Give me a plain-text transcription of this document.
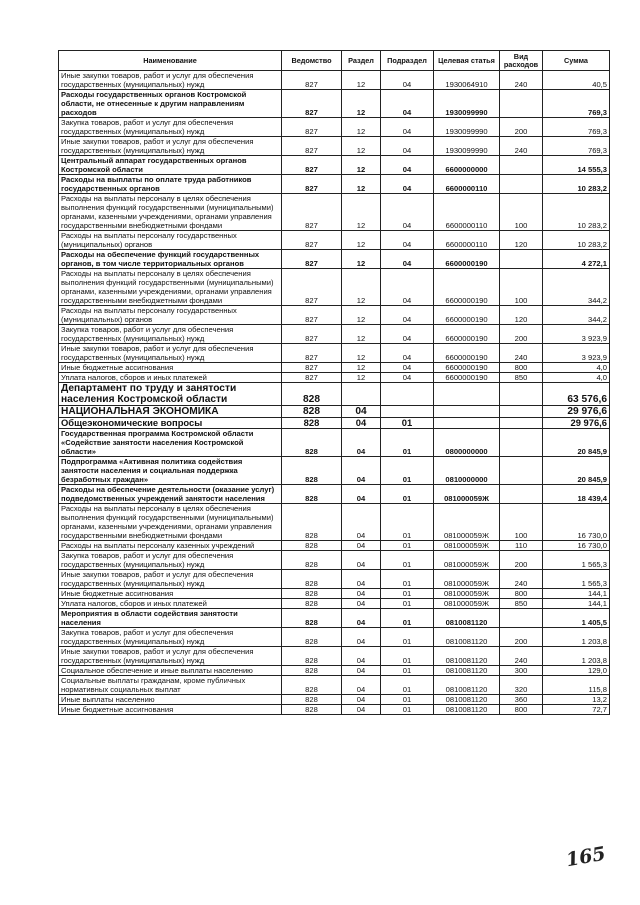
Наименование	Ведомство	Раздел	Подраздел	Целевая статья	Вид расходов	Сумма
Иные закупки товаров, работ и услуг для обеспечения государственных (муниципальных) нужд	827	12	04	1930064910	240	40,5
Расходы государственных органов Костромской области, не отнесенные к другим направлениям расходов	827	12	04	1930099990		769,3
Закупка товаров, работ и услуг для обеспечения государственных (муниципальных) нужд	827	12	04	1930099990	200	769,3
Иные закупки товаров, работ и услуг для обеспечения государственных (муниципальных) нужд	827	12	04	1930099990	240	769,3
Центральный аппарат государственных органов Костромской области	827	12	04	6600000000		14 555,3
Расходы на выплаты по оплате труда работников государственных органов	827	12	04	6600000110		10 283,2
Расходы на выплаты персоналу в целях обеспечения выполнения функций государственными (муниципальными) органами, казенными учреждениями, органами управления государственными внебюджетными фондами	827	12	04	6600000110	100	10 283,2
Расходы на выплаты персоналу государственных (муниципальных) органов	827	12	04	6600000110	120	10 283,2
Расходы на обеспечение функций государственных органов, в том числе территориальных органов	827	12	04	6600000190		4 272,1
Расходы на выплаты персоналу в целях обеспечения выполнения функций государственными (муниципальными) органами, казенными учреждениями, органами управления государственными внебюджетными фондами	827	12	04	6600000190	100	344,2
Расходы на выплаты персоналу государственных (муниципальных) органов	827	12	04	6600000190	120	344,2
Закупка товаров, работ и услуг для обеспечения государственных (муниципальных) нужд	827	12	04	6600000190	200	3 923,9
Иные закупки товаров, работ и услуг для обеспечения государственных (муниципальных) нужд	827	12	04	6600000190	240	3 923,9
Иные бюджетные ассигнования	827	12	04	6600000190	800	4,0
Уплата налогов, сборов и иных платежей	827	12	04	6600000190	850	4,0
Департамент по труду и занятости населения Костромской области	828					63 576,6
НАЦИОНАЛЬНАЯ ЭКОНОМИКА	828	04				29 976,6
Общеэкономические вопросы	828	04	01			29 976,6
Государственная программа Костромской области «Содействие занятости населения Костромской области»	828	04	01	0800000000		20 845,9
Подпрограмма «Активная политика содействия занятости населения и социальная поддержка безработных граждан»	828	04	01	0810000000		20 845,9
Расходы на обеспечение деятельности (оказание услуг) подведомственных учреждений занятости населения	828	04	01	081000059Ж		18 439,4
Расходы на выплаты персоналу в целях обеспечения выполнения функций государственными (муниципальными) органами, казенными учреждениями, органами управления государственными внебюджетными фондами	828	04	01	081000059Ж	100	16 730,0
Расходы на выплаты персоналу казенных учреждений	828	04	01	081000059Ж	110	16 730,0
Закупка товаров, работ и услуг для обеспечения государственных (муниципальных) нужд	828	04	01	081000059Ж	200	1 565,3
Иные закупки товаров, работ и услуг для обеспечения государственных (муниципальных) нужд	828	04	01	081000059Ж	240	1 565,3
Иные бюджетные ассигнования	828	04	01	081000059Ж	800	144,1
Уплата налогов, сборов и иных платежей	828	04	01	081000059Ж	850	144,1
Мероприятия в области содействия занятости населения	828	04	01	0810081120		1 405,5
Закупка товаров, работ и услуг для обеспечения государственных (муниципальных) нужд	828	04	01	0810081120	200	1 203,8
Иные закупки товаров, работ и услуг для обеспечения государственных (муниципальных) нужд	828	04	01	0810081120	240	1 203,8
Социальное обеспечение и иные выплаты населению	828	04	01	0810081120	300	129,0
Социальные выплаты гражданам, кроме публичных нормативных социальных выплат	828	04	01	0810081120	320	115,8
Иные выплаты населению	828	04	01	0810081120	360	13,2
Иные бюджетные ассигнования	828	04	01	0810081120	800	72,7
165
